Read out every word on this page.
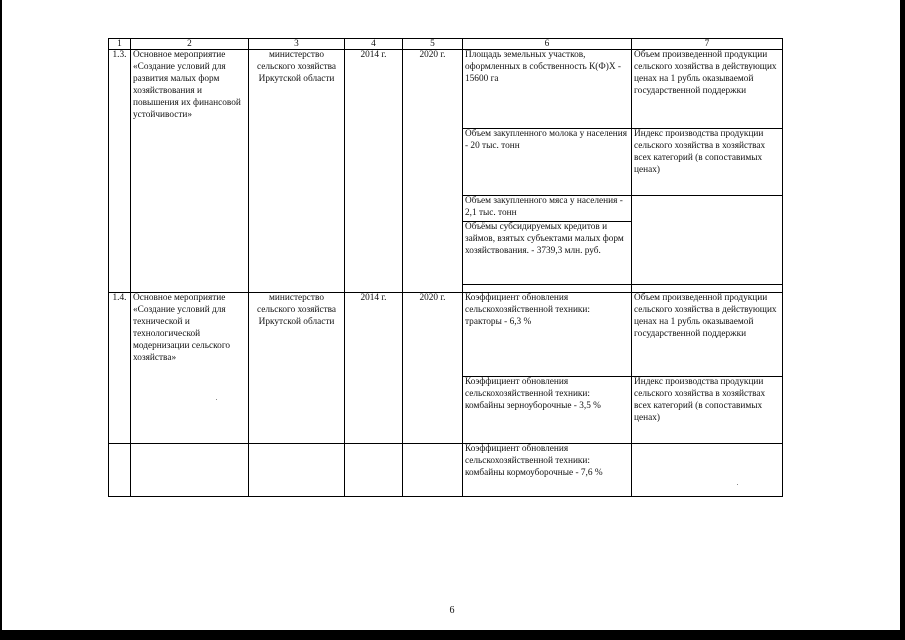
1	2	3	4	5	6	7
1.3.	Основное мероприятие «Создание условий для развития малых форм хозяйствования и повышения их финансовой устойчивости»	министерство сельского хозяйства Иркутской области	2014 г.	2020 г.	Площадь земельных участков, оформленных в собственность К(Ф)Х - 15600 га	Объем произведенной продукции сельского хозяйства в действующих ценах на 1 рубль оказываемой государственной поддержки
					Объем закупленного молока у населения - 20 тыс. тонн	Индекс производства продукции сельского хозяйства в хозяйствах всех категорий (в сопоставимых ценах)
					Объем закупленного мяса у населения - 2,1 тыс. тонн	
					Объёмы субсидируемых кредитов и займов, взятых субъектами малых форм хозяйствования. - 3739,3 млн. руб.	

1.4.	Основное мероприятие «Создание условий для технической и технологической модернизации сельского хозяйства»	министерство сельского хозяйства Иркутской области	2014 г.	2020 г.	Коэффициент обновления сельскохозяйственной техники: тракторы - 6,3 %	Объем произведенной продукции сельского хозяйства в действующих ценах на 1 рубль оказываемой государственной поддержки
					Коэффициент обновления сельскохозяйственной техники: комбайны зерноуборочные - 3,5 %	Индекс производства продукции сельского хозяйства в хозяйствах всех категорий (в сопоставимых ценах)
					Коэффициент обновления сельскохозяйственной техники: комбайны кормоуборочные - 7,6 %	
6
